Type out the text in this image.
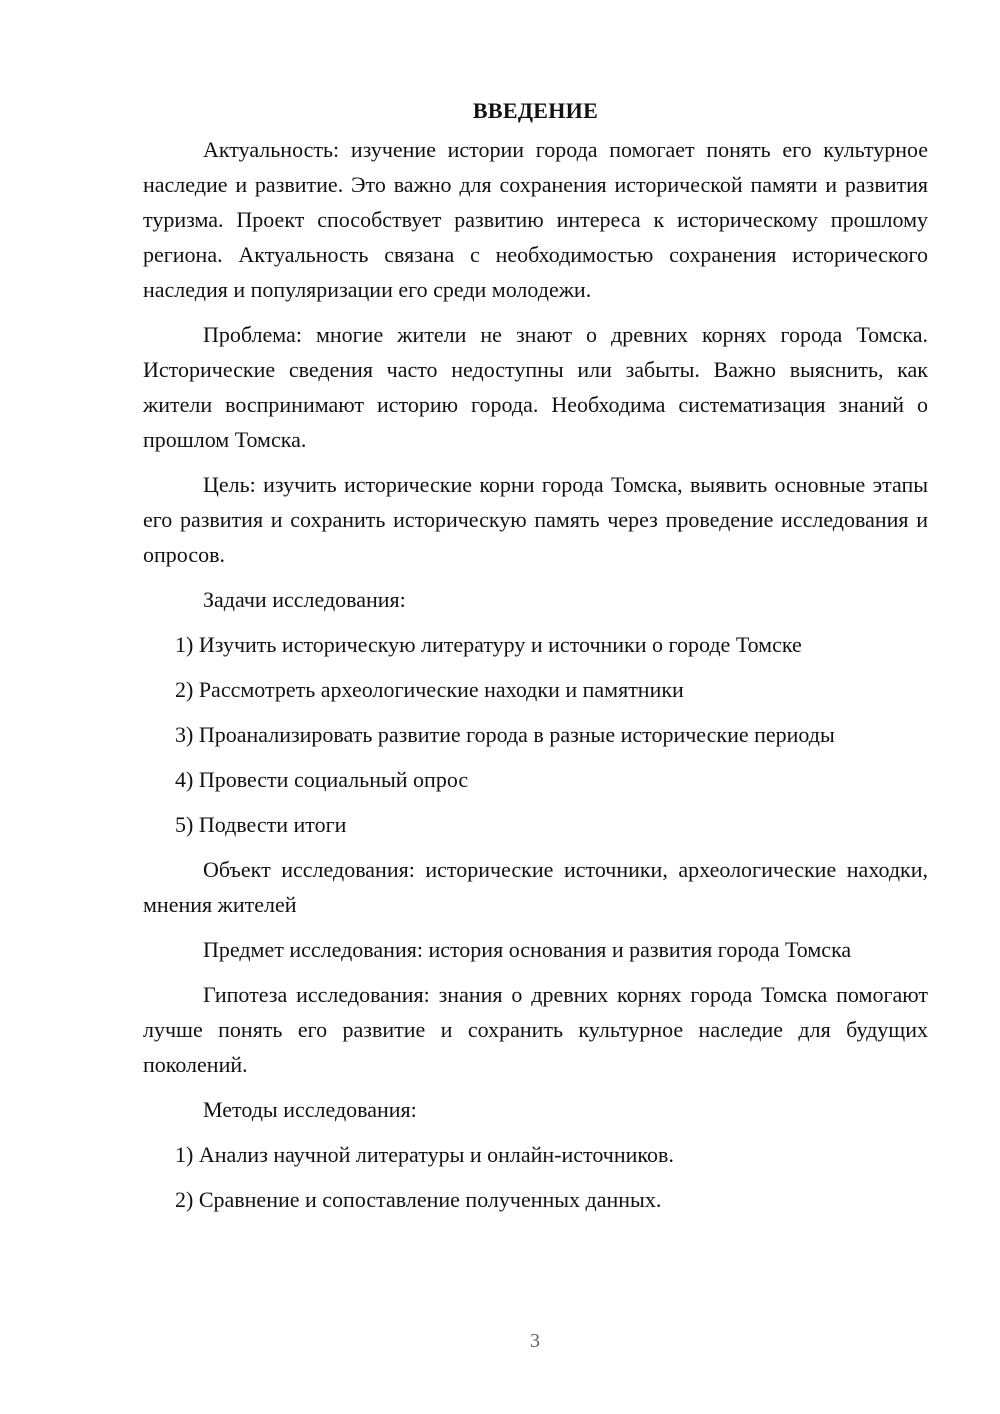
ВВЕДЕНИЕ

Актуальность: изучение истории города помогает понять его культурное наследие и развитие. Это важно для сохранения исторической памяти и развития туризма. Проект способствует развитию интереса к историческому прошлому региона. Актуальность связана с необходимостью сохранения исторического наследия и популяризации его среди молодежи.

Проблема: многие жители не знают о древних корнях города Томска. Исторические сведения часто недоступны или забыты. Важно выяснить, как жители воспринимают историю города. Необходима систематизация знаний о прошлом Томска.

Цель: изучить исторические корни города Томска, выявить основные этапы его развития и сохранить историческую память через проведение исследования и опросов.

Задачи исследования:

1) Изучить историческую литературу и источники о городе Томске
2) Рассмотреть археологические находки и памятники
3) Проанализировать развитие города в разные исторические периоды
4) Провести социальный опрос
5) Подвести итоги

Объект исследования: исторические источники, археологические находки, мнения жителей

Предмет исследования: история основания и развития города Томска

Гипотеза исследования: знания о древних корнях города Томска помогают лучше понять его развитие и сохранить культурное наследие для будущих поколений.

Методы исследования:

1) Анализ научной литературы и онлайн-источников.
2) Сравнение и сопоставление полученных данных.
3
